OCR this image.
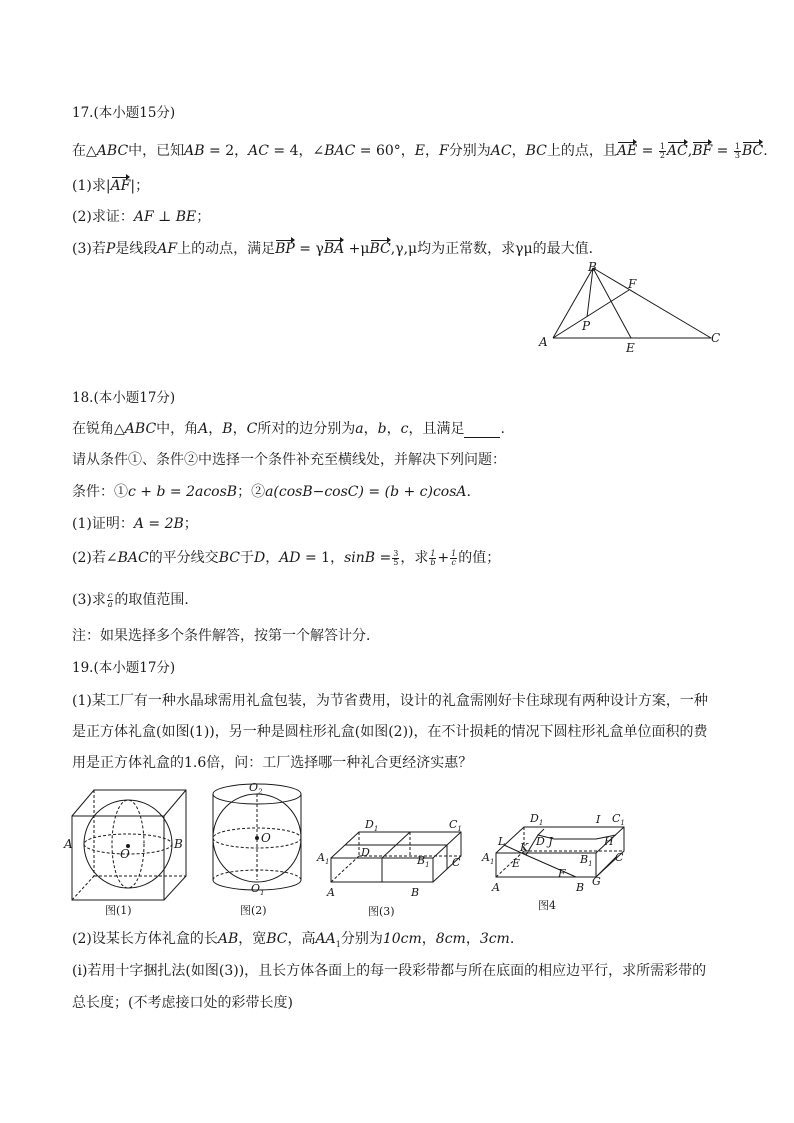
17.(本小题15分)
在△ABC中，已知AB = 2，AC = 4，∠BAC = 60°，E，F分别为AC，BC上的点，且AE = $\frac{1}{2} AC,BF = \frac{1}{3}$ BC.
(1)求|AF|；
(2)求证：AF ⊥ BE；
(3)若P是线段AF上的动点，满足BP = γBA +μBC,γ,μ均为正常数，求γμ的最大值．
B
F
P
A	E
C
18.(本小题17分)
在锐角△ABC中，角A，B，C所对的边分别为a，b，c，且满足	.
请从条件①、条件②中选择一个条件补充至横线处，并解决下列问题：
条件：①c + b = 2acosB；②a(cosB−cosC) = (b + c)cosA.
(1)证明：A = 2B；
(2)若∠BAC的平分线交BC于D，AD = 1，$\sin B = \frac{3}{5}$ ，求 $\frac{1}{b} + \frac{1}{c}$ 的值；
(3)求 $\frac{c}{a}$ 的取值范围．
注：如果选择多个条件解答，按第一个解答计分．
19.(本小题17分)
(1)某工厂有一种水晶球需用礼盒包装，为节省费用，设计的礼盒需刚好卡住球现有两种设计方案，一种
是正方体礼盒(如图(1))，另一种是圆柱形礼盒(如图(2))，在不计损耗的情况下圆柱形礼盒单位面积的费
用是正方体礼盒的1.6倍，问：工厂选择哪一种礼合更经济实惠？
A	B
O
图(1)
$O_2$
O
$O_1$
图(2)
$D_1$	$C_1$
$A_1$
D
$B_1$ C
A	B
图(3)
$D_1$	I $C_1$
L K D J	H
$A_1$ E	$B_1$ C
F
G
A	B
图4
(2)设某长方体礼盒的长AB，宽BC，高$AA_1$分别为10cm，8cm，3cm.
(ⅰ)若用十字捆扎法(如图(3))，且长方体各面上的每一段彩带都与所在底面的相应边平行，求所需彩带的
总长度；(不考虑接口处的彩带长度)
